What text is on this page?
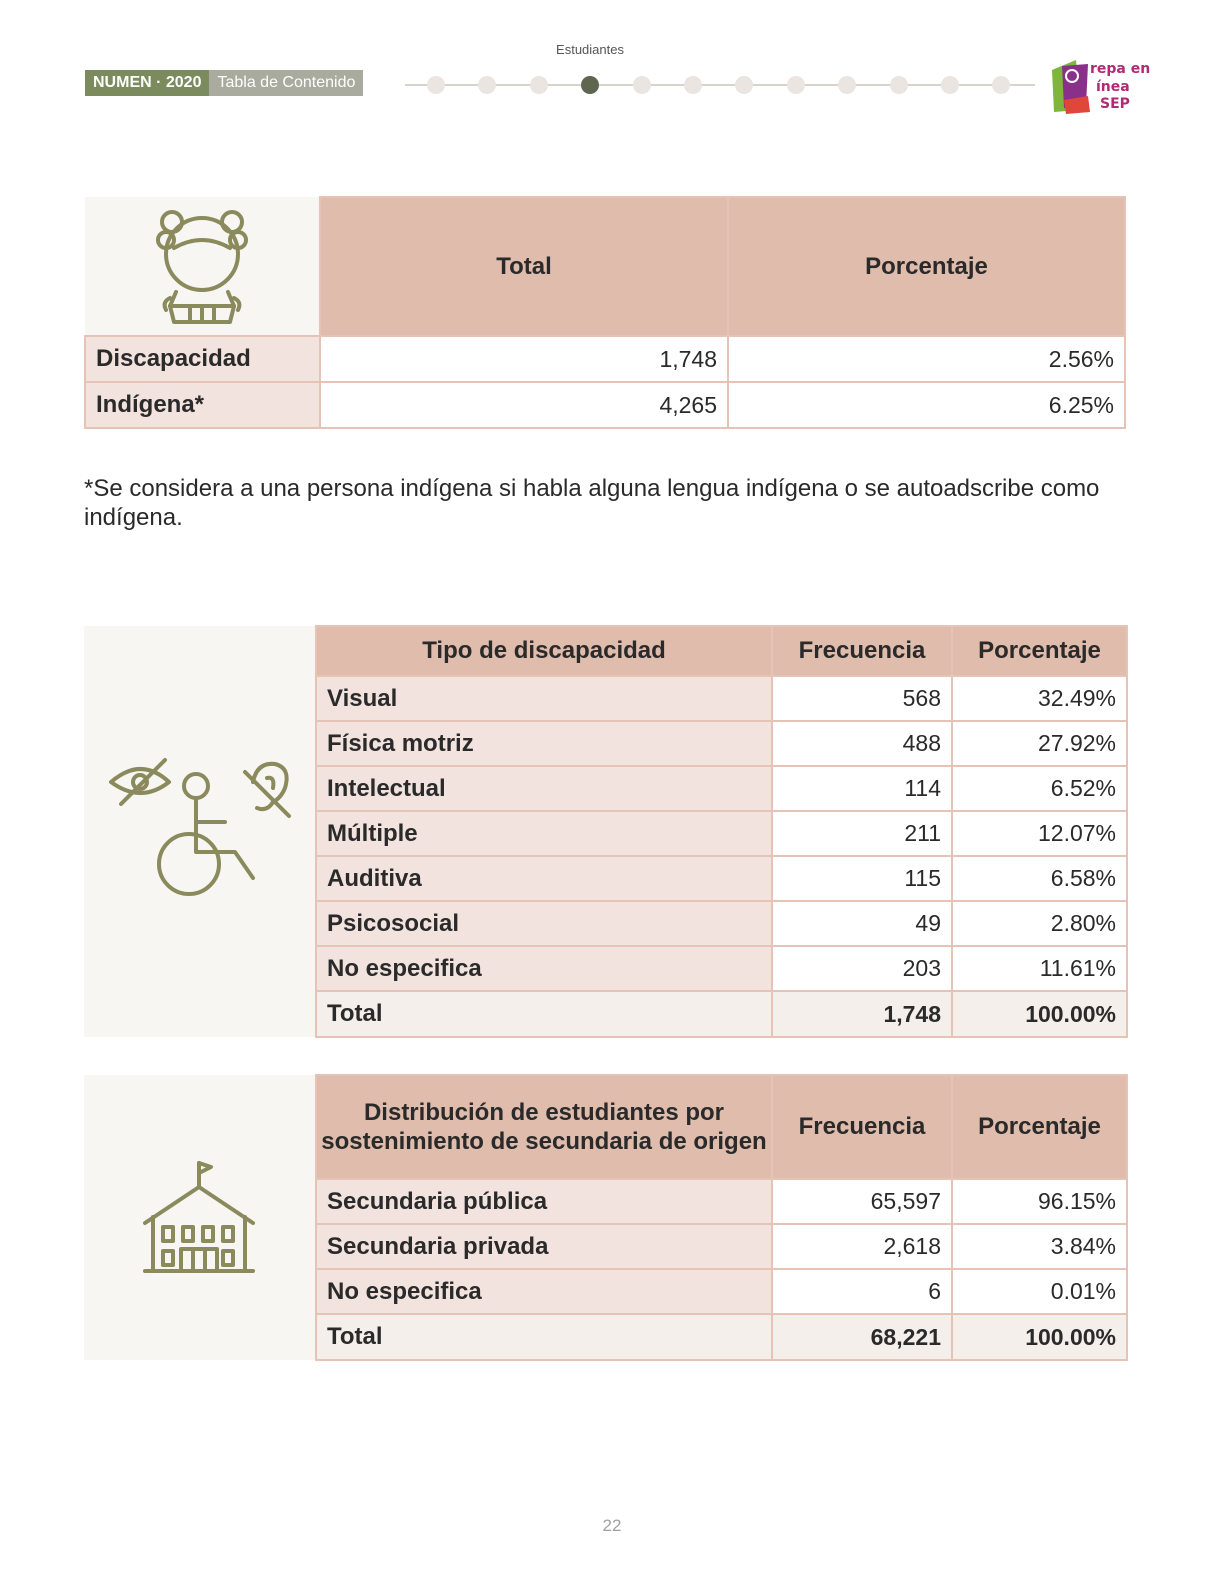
Estudiantes
NUMEN · 2020	Tabla de Contenido
repa en
ínea
SEP
	Total	Porcentaje
Discapacidad	1,748	2.56%
Indígena*	4,265	6.25%
*Se considera a una persona indígena si habla alguna lengua indígena o se autoadscribe como indígena.
	Tipo de discapacidad	Frecuencia	Porcentaje
	Visual	568	32.49%
	Física motriz	488	27.92%
	Intelectual	114	6.52%
	Múltiple	211	12.07%
	Auditiva	115	6.58%
	Psicosocial	49	2.80%
	No especifica	203	11.61%
	Total	1,748	100.00%
	Distribución de estudiantes por sostenimiento de secundaria de origen	Frecuencia	Porcentaje
	Secundaria pública	65,597	96.15%
	Secundaria privada	2,618	3.84%
	No especifica	6	0.01%
	Total	68,221	100.00%
22
